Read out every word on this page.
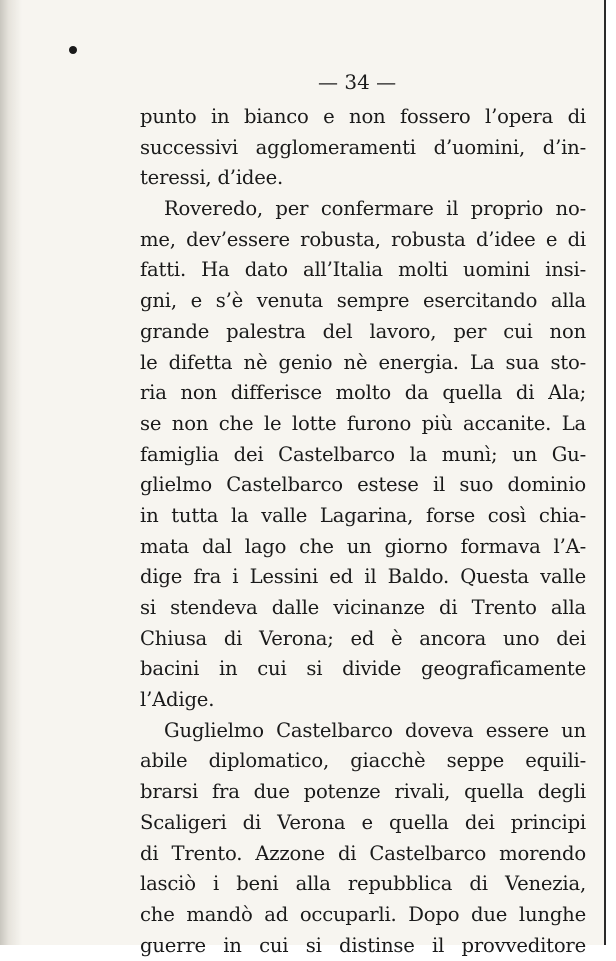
— 34 —
punto in bianco e non fossero l’opera di
successivi agglomeramenti d’uomini, d’in-
teressi, d’idee.
Roveredo, per confermare il proprio no-
me, dev’essere robusta, robusta d’idee e di
fatti. Ha dato all’Italia molti uomini insi-
gni, e s’è venuta sempre esercitando alla
grande palestra del lavoro, per cui non
le difetta nè genio nè energia. La sua sto-
ria non differisce molto da quella di Ala;
se non che le lotte furono più accanite. La
famiglia dei Castelbarco la munì; un Gu-
glielmo Castelbarco estese il suo dominio
in tutta la valle Lagarina, forse così chia-
mata dal lago che un giorno formava l’A-
dige fra i Lessini ed il Baldo. Questa valle
si stendeva dalle vicinanze di Trento alla
Chiusa di Verona; ed è ancora uno dei
bacini in cui si divide geograficamente
l’Adige.
Guglielmo Castelbarco doveva essere un
abile diplomatico, giacchè seppe equili-
brarsi fra due potenze rivali, quella degli
Scaligeri di Verona e quella dei principi
di Trento. Azzone di Castelbarco morendo
lasciò i beni alla repubblica di Venezia,
che mandò ad occuparli. Dopo due lunghe
guerre in cui si distinse il provveditore
